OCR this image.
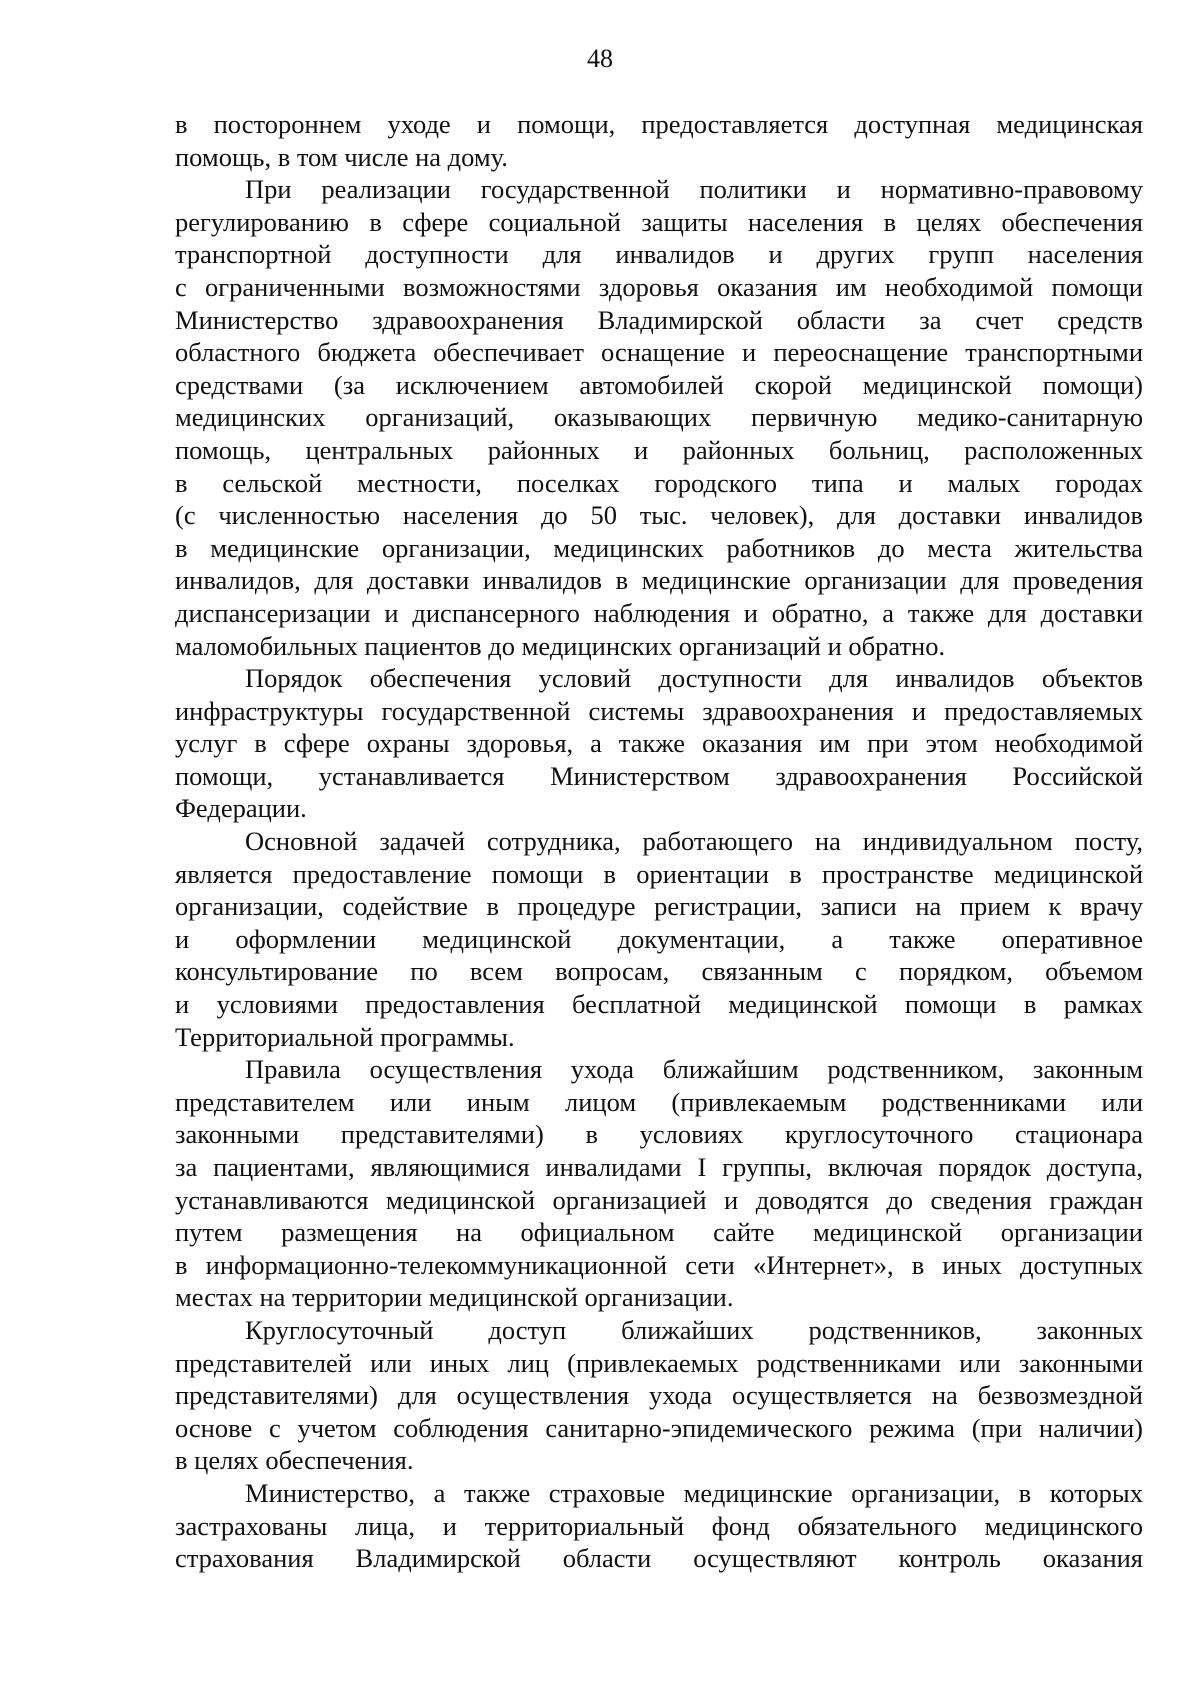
48

в постороннем уходе и помощи, предоставляется доступная медицинская
помощь, в том числе на дому.

При реализации государственной политики и нормативно-правовому
регулированию в сфере социальной защиты населения в целях обеспечения
транспортной доступности для инвалидов и других групп населения
с ограниченными возможностями здоровья оказания им необходимой помощи
Министерство здравоохранения Владимирской области за счет средств
областного бюджета обеспечивает оснащение и переоснащение транспортными
средствами (за исключением автомобилей скорой медицинской помощи)
медицинских организаций, оказывающих первичную медико-санитарную
помощь, центральных районных и районных больниц, расположенных
в сельской местности, поселках городского типа и малых городах
(с численностью населения до 50 тыс. человек), для доставки инвалидов
в медицинские организации, медицинских работников до места жительства
инвалидов, для доставки инвалидов в медицинские организации для проведения
диспансеризации и диспансерного наблюдения и обратно, а также для доставки
маломобильных пациентов до медицинских организаций и обратно.

Порядок обеспечения условий доступности для инвалидов объектов
инфраструктуры государственной системы здравоохранения и предоставляемых
услуг в сфере охраны здоровья, а также оказания им при этом необходимой
помощи, устанавливается Министерством здравоохранения Российской
Федерации.

Основной задачей сотрудника, работающего на индивидуальном посту,
является предоставление помощи в ориентации в пространстве медицинской
организации, содействие в процедуре регистрации, записи на прием к врачу
и оформлении медицинской документации, а также оперативное
консультирование по всем вопросам, связанным с порядком, объемом
и условиями предоставления бесплатной медицинской помощи в рамках
Территориальной программы.

Правила осуществления ухода ближайшим родственником, законным
представителем или иным лицом (привлекаемым родственниками или
законными представителями) в условиях круглосуточного стационара
за пациентами, являющимися инвалидами I группы, включая порядок доступа,
устанавливаются медицинской организацией и доводятся до сведения граждан
путем размещения на официальном сайте медицинской организации
в информационно-телекоммуникационной сети «Интернет», в иных доступных
местах на территории медицинской организации.

Круглосуточный доступ ближайших родственников, законных
представителей или иных лиц (привлекаемых родственниками или законными
представителями) для осуществления ухода осуществляется на безвозмездной
основе с учетом соблюдения санитарно-эпидемического режима (при наличии)
в целях обеспечения.

Министерство, а также страховые медицинские организации, в которых
застрахованы лица, и территориальный фонд обязательного медицинского
страхования Владимирской области осуществляют контроль оказания
